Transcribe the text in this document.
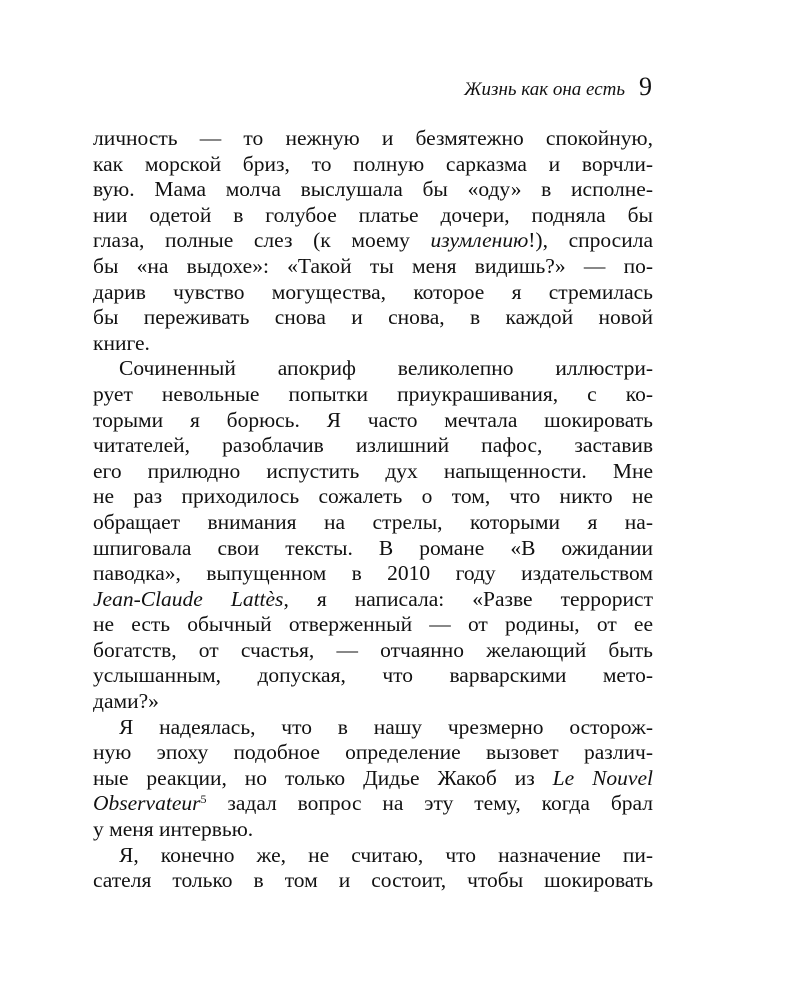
Жизнь как она есть 9
личность — то нежную и безмятежно спокойную,
как морской бриз, то полную сарказма и ворчли-
вую. Мама молча выслушала бы «оду» в исполне-
нии одетой в голубое платье дочери, подняла бы
глаза, полные слез (к моему изумлению!), спросила
бы «на выдохе»: «Такой ты меня видишь?» — по-
дарив чувство могущества, которое я стремилась
бы переживать снова и снова, в каждой новой
книге.
Сочиненный апокриф великолепно иллюстри-
рует невольные попытки приукрашивания, с ко-
торыми я борюсь. Я часто мечтала шокировать
читателей, разоблачив излишний пафос, заставив
его прилюдно испустить дух напыщенности. Мне
не раз приходилось сожалеть о том, что никто не
обращает внимания на стрелы, которыми я на-
шпиговала свои тексты. В романе «В ожидании
паводка», выпущенном в 2010 году издательством
Jean-Claude Lattès, я написала: «Разве террорист
не есть обычный отверженный — от родины, от ее
богатств, от счастья, — отчаянно желающий быть
услышанным, допуская, что варварскими мето-
дами?»
Я надеялась, что в нашу чрезмерно осторож-
ную эпоху подобное определение вызовет различ-
ные реакции, но только Дидье Жакоб из Le Nouvel
Observateur$^5$ задал вопрос на эту тему, когда брал
у меня интервью.
Я, конечно же, не считаю, что назначение пи-
сателя только в том и состоит, чтобы шокировать
